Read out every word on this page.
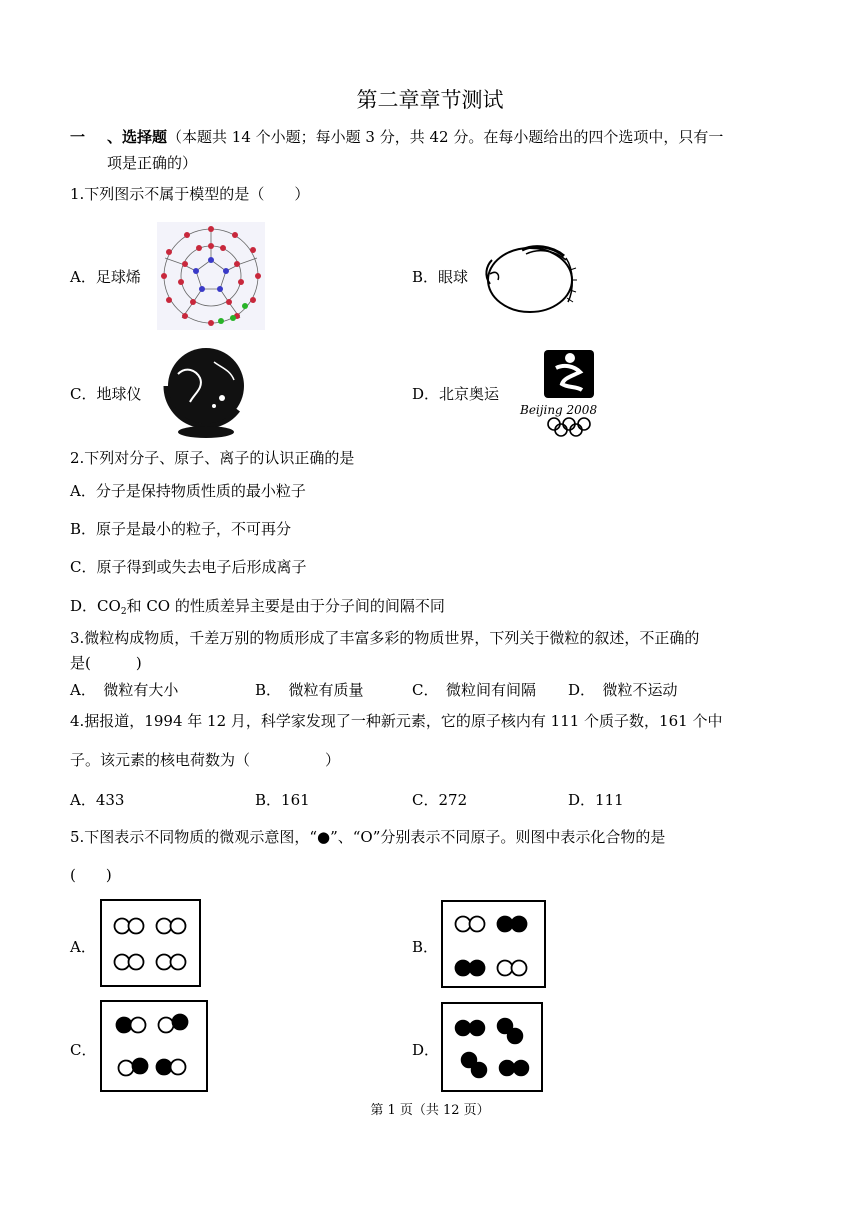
第二章章节测试
一 、选择题（本题共 14 个小题；每小题 3 分，共 42 分。在每小题给出的四个选项中，只有一
项是正确的）
1.下列图示不属于模型的是（　　）
A．足球烯	B．眼球
C．地球仪	D．北京奥运
Beijing 2008
2.下列对分子、原子、离子的认识正确的是
A．分子是保持物质性质的最小粒子
B．原子是最小的粒子，不可再分
C．原子得到或失去电子后形成离子
D．$CO_2$和 CO 的性质差异主要是由于分子间的间隔不同
3.微粒构成物质，千差万别的物质形成了丰富多彩的物质世界，下列关于微粒的叙述，不正确的
是(　　　)
A．　微粒有大小	B．　微粒有质量	C．　微粒间有间隔 D．　微粒不运动
4.据报道，1994 年 12 月，科学家发现了一种新元素，它的原子核内有 111 个质子数，161 个中
子。该元素的核电荷数为（　　　　　）
A．433	B．161	C．272	D．111
5.下图表示不同物质的微观示意图，“●”、“O”分别表示不同原子。则图中表示化合物的是
(　　)
A．	B．
C．	D．
第 1 页（共 12 页）
